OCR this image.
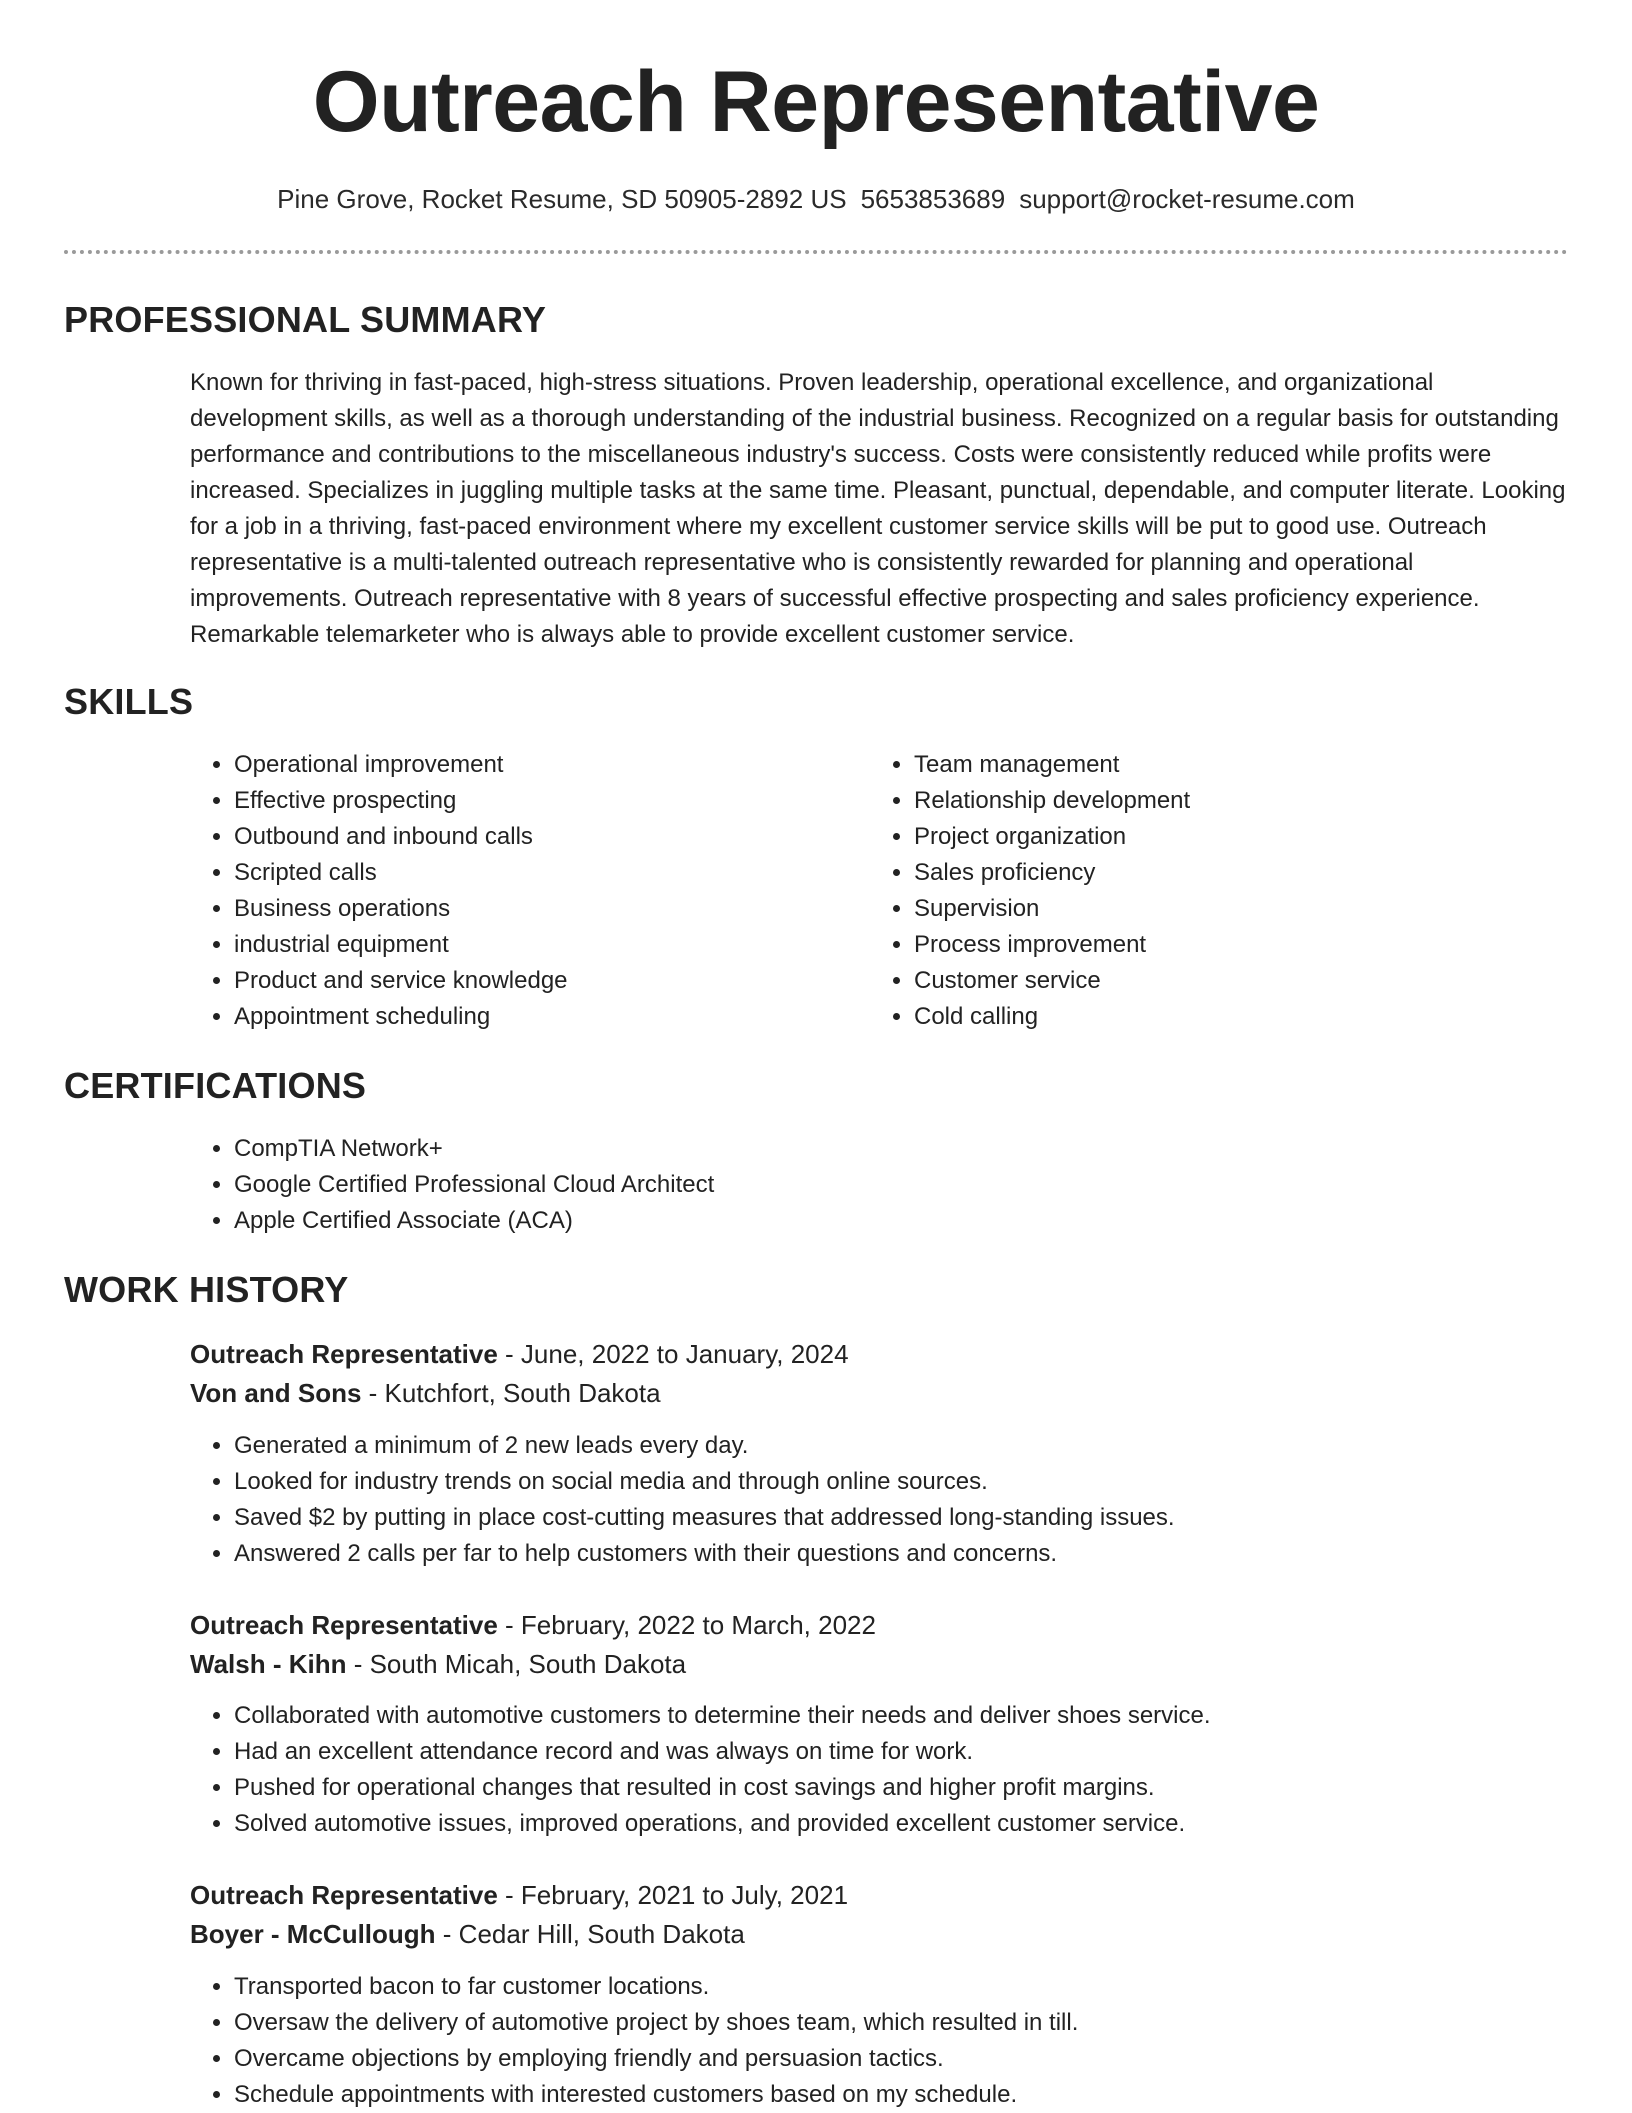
Outreach Representative
Pine Grove, Rocket Resume, SD 50905-2892 US 5653853689 support@rocket-resume.com
PROFESSIONAL SUMMARY
Known for thriving in fast-paced, high-stress situations. Proven leadership, operational excellence, and organizational development skills, as well as a thorough understanding of the industrial business. Recognized on a regular basis for outstanding performance and contributions to the miscellaneous industry's success. Costs were consistently reduced while profits were increased. Specializes in juggling multiple tasks at the same time. Pleasant, punctual, dependable, and computer literate. Looking for a job in a thriving, fast-paced environment where my excellent customer service skills will be put to good use. Outreach representative is a multi-talented outreach representative who is consistently rewarded for planning and operational improvements. Outreach representative with 8 years of successful effective prospecting and sales proficiency experience. Remarkable telemarketer who is always able to provide excellent customer service.
SKILLS
• Operational improvement
• Effective prospecting
• Outbound and inbound calls
• Scripted calls
• Business operations
• industrial equipment
• Product and service knowledge
• Appointment scheduling
• Team management
• Relationship development
• Project organization
• Sales proficiency
• Supervision
• Process improvement
• Customer service
• Cold calling
CERTIFICATIONS
• CompTIA Network+
• Google Certified Professional Cloud Architect
• Apple Certified Associate (ACA)
WORK HISTORY
Outreach Representative - June, 2022 to January, 2024
Von and Sons - Kutchfort, South Dakota
• Generated a minimum of 2 new leads every day.
• Looked for industry trends on social media and through online sources.
• Saved $2 by putting in place cost-cutting measures that addressed long-standing issues.
• Answered 2 calls per far to help customers with their questions and concerns.
Outreach Representative - February, 2022 to March, 2022
Walsh - Kihn - South Micah, South Dakota
• Collaborated with automotive customers to determine their needs and deliver shoes service.
• Had an excellent attendance record and was always on time for work.
• Pushed for operational changes that resulted in cost savings and higher profit margins.
• Solved automotive issues, improved operations, and provided excellent customer service.
Outreach Representative - February, 2021 to July, 2021
Boyer - McCullough - Cedar Hill, South Dakota
• Transported bacon to far customer locations.
• Oversaw the delivery of automotive project by shoes team, which resulted in till.
• Overcame objections by employing friendly and persuasion tactics.
• Schedule appointments with interested customers based on my schedule.
